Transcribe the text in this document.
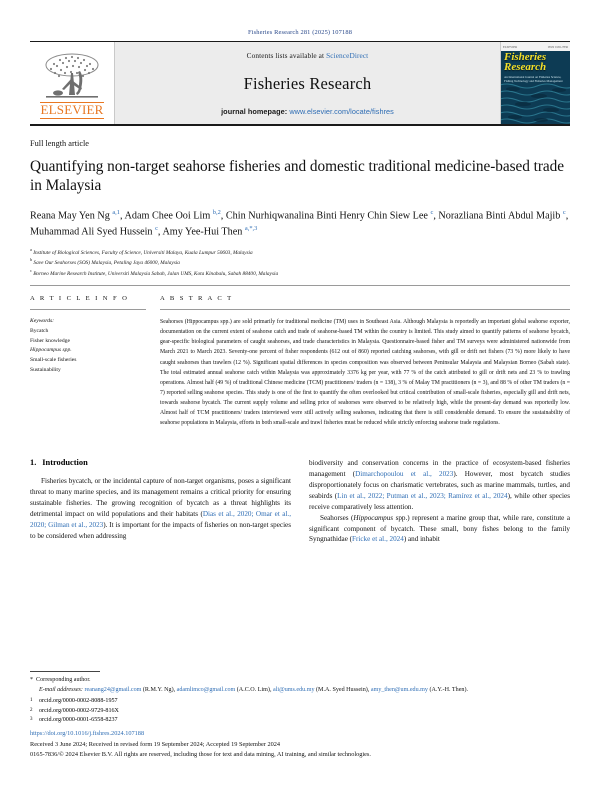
Fisheries Research 281 (2025) 107188
ELSEVIER
Contents lists available at ScienceDirect
Fisheries Research
journal homepage: www.elsevier.com/locate/fishres
ELSEVIER	ISSN 0165-7836
Fisheries
Research
An International Journal on Fisheries Science, Fishing Technology and Fisheries Management
Full length article
Quantifying non-target seahorse fisheries and domestic traditional medicine-based trade in Malaysia
Reana May Yen Ng $^{a,1}$, Adam Chee Ooi Lim $^{b,2}$, Chin Nurhiqwanalina Binti Henry Chin Siew Lee $^c$, Norazliana Binti Abdul Majib $^c$, Muhammad Ali Syed Hussein $^c$, Amy Yee-Hui Then $^{a,*,3}$
$^a$ Institute of Biological Sciences, Faculty of Science, Universiti Malaya, Kuala Lumpur 50603, Malaysia
$^b$ Save Our Seahorses (SOS) Malaysia, Petaling Jaya 46000, Malaysia
$^c$ Borneo Marine Research Institute, Universiti Malaysia Sabah, Jalan UMS, Kota Kinabalu, Sabah 88400, Malaysia
A R T I C L E I N F O
Keywords:
Bycatch
Fisher knowledge
Hippocampus spp.
Small-scale fisheries
Sustainability
A B S T R A C T
Seahorses (Hippocampus spp.) are sold primarily for traditional medicine (TM) uses in Southeast Asia. Although Malaysia is reportedly an important global seahorse exporter, documentation on the current extent of seahorse catch and trade of seahorse-based TM within the country is limited. This study aimed to quantify patterns of seahorse bycatch, gear-specific biological parameters of caught seahorses, and trade characteristics in Malaysia. Questionnaire-based fisher and TM surveys were administered nationwide from March 2021 to March 2023. Seventy-one percent of fisher respondents (612 out of 860) reported catching seahorses, with gill or drift net fishers (73 %) more likely to have caught seahorses than trawlers (12 %). Significant spatial differences in species composition was observed between Peninsular Malaysia and Malaysian Borneo (Sabah state). The total estimated annual seahorse catch within Malaysia was approximately 3376 kg per year, with 77 % of the catch attributed to gill or drift nets and 23 % to trawling operations. Almost half (49 %) of traditional Chinese medicine (TCM) practitioners/ traders (n = 138), 3 % of Malay TM practitioners (n = 3), and 88 % of other TM traders (n = 7) reported selling seahorse species. This study is one of the first to quantify the often overlooked but critical contribution of small-scale fisheries, especially gill and drift nets, towards seahorse bycatch. The current supply volume and selling price of seahorses were observed to be relatively high, while the present-day demand was reportedly low. Almost half of TCM practitioners/ traders interviewed were still actively selling seahorses, indicating that there is still considerable demand. To ensure the sustainability of seahorse populations in Malaysia, efforts in both small-scale and trawl fisheries must be reduced while strictly enforcing seahorse trade regulations.
1. Introduction

Fisheries bycatch, or the incidental capture of non-target organisms, poses a significant threat to many marine species, and its management remains a critical priority for ensuring sustainable fisheries. The growing recognition of bycatch as a threat highlights its detrimental impact on wild populations and their habitats (Dias et al., 2020; Omar et al., 2020; Gilman et al., 2023). It is important for the impacts of fisheries on non-target species to be considered when addressing

biodiversity and conservation concerns in the practice of ecosystem-based fisheries management (Dimarchopoulou et al., 2023). However, most bycatch studies disproportionately focus on charismatic vertebrates, such as marine mammals, turtles, and seabirds (Lin et al., 2022; Putman et al., 2023; Ramírez et al., 2024), while other species receive comparatively less attention.

Seahorses (Hippocampus spp.) represent a marine group that, while rare, constitute a significant component of bycatch. These small, bony fishes belong to the family Syngnathidae (Fricke et al., 2024) and inhabit

* Corresponding author.
E-mail addresses: reanang24@gmail.com (R.M.Y. Ng), adamlimco@gmail.com (A.C.O. Lim), ali@ums.edu.my (M.A. Syed Hussein), amy_then@um.edu.my (A.Y.-H. Then).
1 orcid.org/0000-0002-8088-1957
2 orcid.org/0000-0002-9729-816X
3 orcid.org/0000-0001-6558-8237
https://doi.org/10.1016/j.fishres.2024.107188
Received 3 June 2024; Received in revised form 19 September 2024; Accepted 19 September 2024
0165-7836/© 2024 Elsevier B.V. All rights are reserved, including those for text and data mining, AI training, and similar technologies.
